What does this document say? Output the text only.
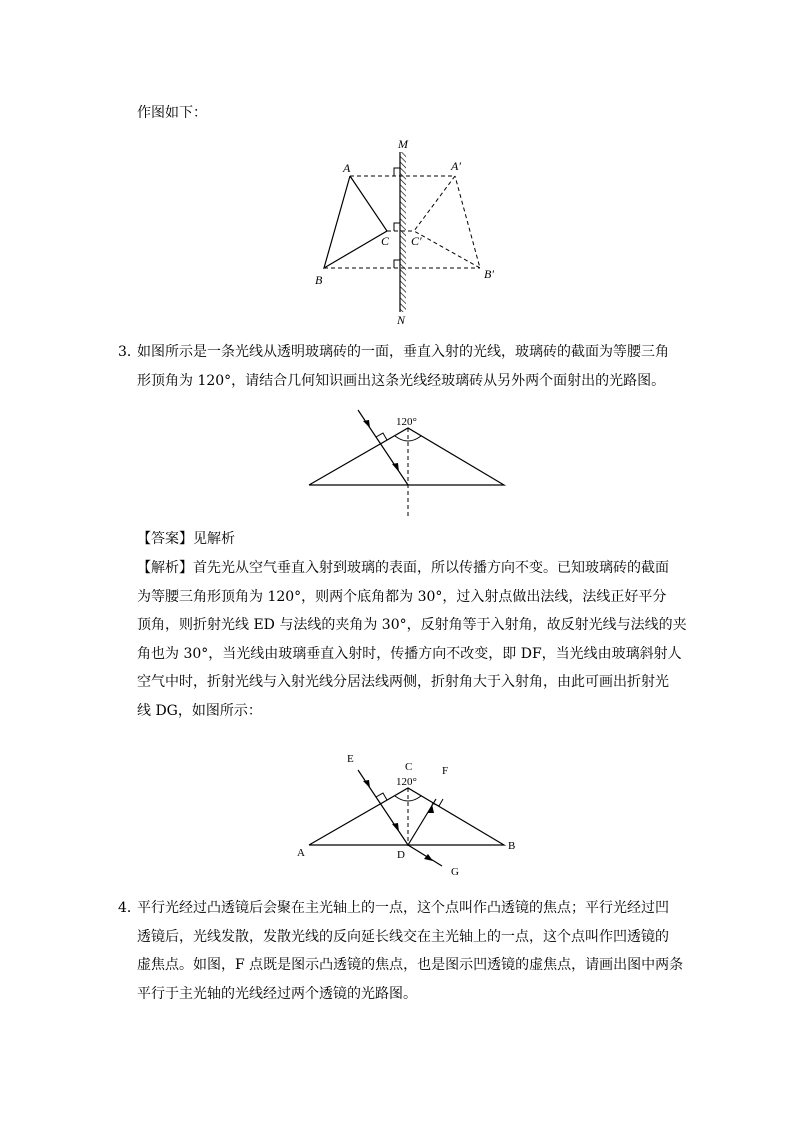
作图如下：
M
A	A′
C C′
B	B′
N
3．
如图所示是一条光线从透明玻璃砖的一面，垂直入射的光线，玻璃砖的截面为等腰三角
形顶角为 120°，请结合几何知识画出这条光线经玻璃砖从另外两个面射出的光路图。
120°
【答案】见解析
【解析】首先光从空气垂直入射到玻璃的表面，所以传播方向不变。已知玻璃砖的截面
为等腰三角形顶角为 120°，则两个底角都为 30°，过入射点做出法线，法线正好平分
顶角，则折射光线 ED 与法线的夹角为 30°，反射角等于入射角，故反射光线与法线的夹
角也为 30°，当光线由玻璃垂直入射时，传播方向不改变，即 DF，当光线由玻璃斜射人
空气中时，折射光线与入射光线分居法线两侧，折射角大于入射角，由此可画出折射光
线 DG，如图所示：
E
C
120°
F
A	D
B
G
4．
平行光经过凸透镜后会聚在主光轴上的一点，这个点叫作凸透镜的焦点；平行光经过凹
透镜后，光线发散，发散光线的反向延长线交在主光轴上的一点，这个点叫作凹透镜的
虚焦点。如图，F 点既是图示凸透镜的焦点，也是图示凹透镜的虚焦点，请画出图中两条
平行于主光轴的光线经过两个透镜的光路图。
